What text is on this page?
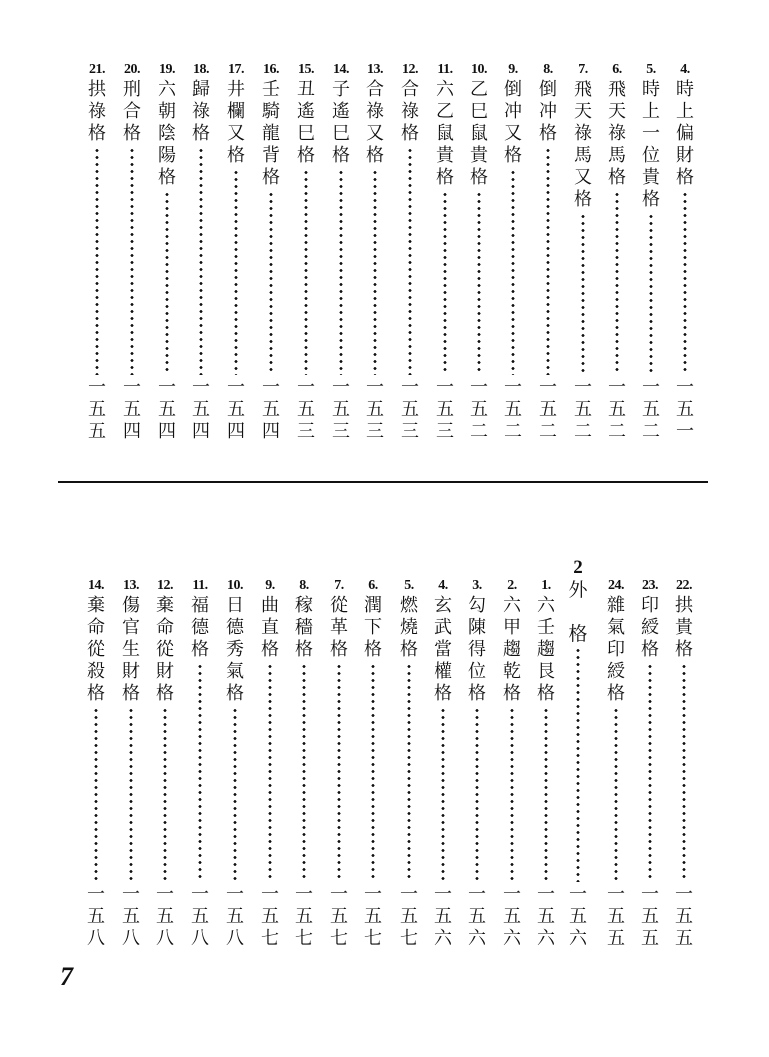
4.
時
上
偏
財
格
一
五
一
5.
時
上
一
位
貴
格
一
五
二
6.
飛
天
祿
馬
格
一
五
二
7.
飛
天
祿
馬
又
格
一
五
二
8.
倒
冲
格
一
五
二
9.
倒
冲
又
格
一
五
二
10.
乙
巳
鼠
貴
格
一
五
二
11.
六
乙
鼠
貴
格
一
五
三
12.
合
祿
格
一
五
三
13.
合
祿
又
格
一
五
三
14.
子
遙
巳
格
一
五
三
15.
丑
遙
巳
格
一
五
三
16.
壬
騎
龍
背
格
一
五
四
17.
井
欄
又
格
一
五
四
18.
歸
祿
格
一
五
四
19.
六
朝
陰
陽
格
一
五
四
20.
刑
合
格
一
五
四
21.
拱
祿
格
一
五
五
22.
拱
貴
格
一
五
五
23.
印
綬
格
一
五
五
24.
雜
氣
印
綬
格
一
五
五
1.
六
壬
趨
艮
格
一
五
六
2.
六
甲
趨
乾
格
一
五
六
3.
勾
陳
得
位
格
一
五
六
4.
玄
武
當
權
格
一
五
六
5.
燃
燒
格
一
五
七
6.
潤
下
格
一
五
七
7.
從
革
格
一
五
七
8.
稼
穡
格
一
五
七
9.
曲
直
格
一
五
七
10.
日
德
秀
氣
格
一
五
八
11.
福
德
格
一
五
八
12.
棄
命
從
財
格
一
五
八
13.
傷
官
生
財
格
一
五
八
14.
棄
命
從
殺
格
一
五
八
2
外
格
一
五
六
7
